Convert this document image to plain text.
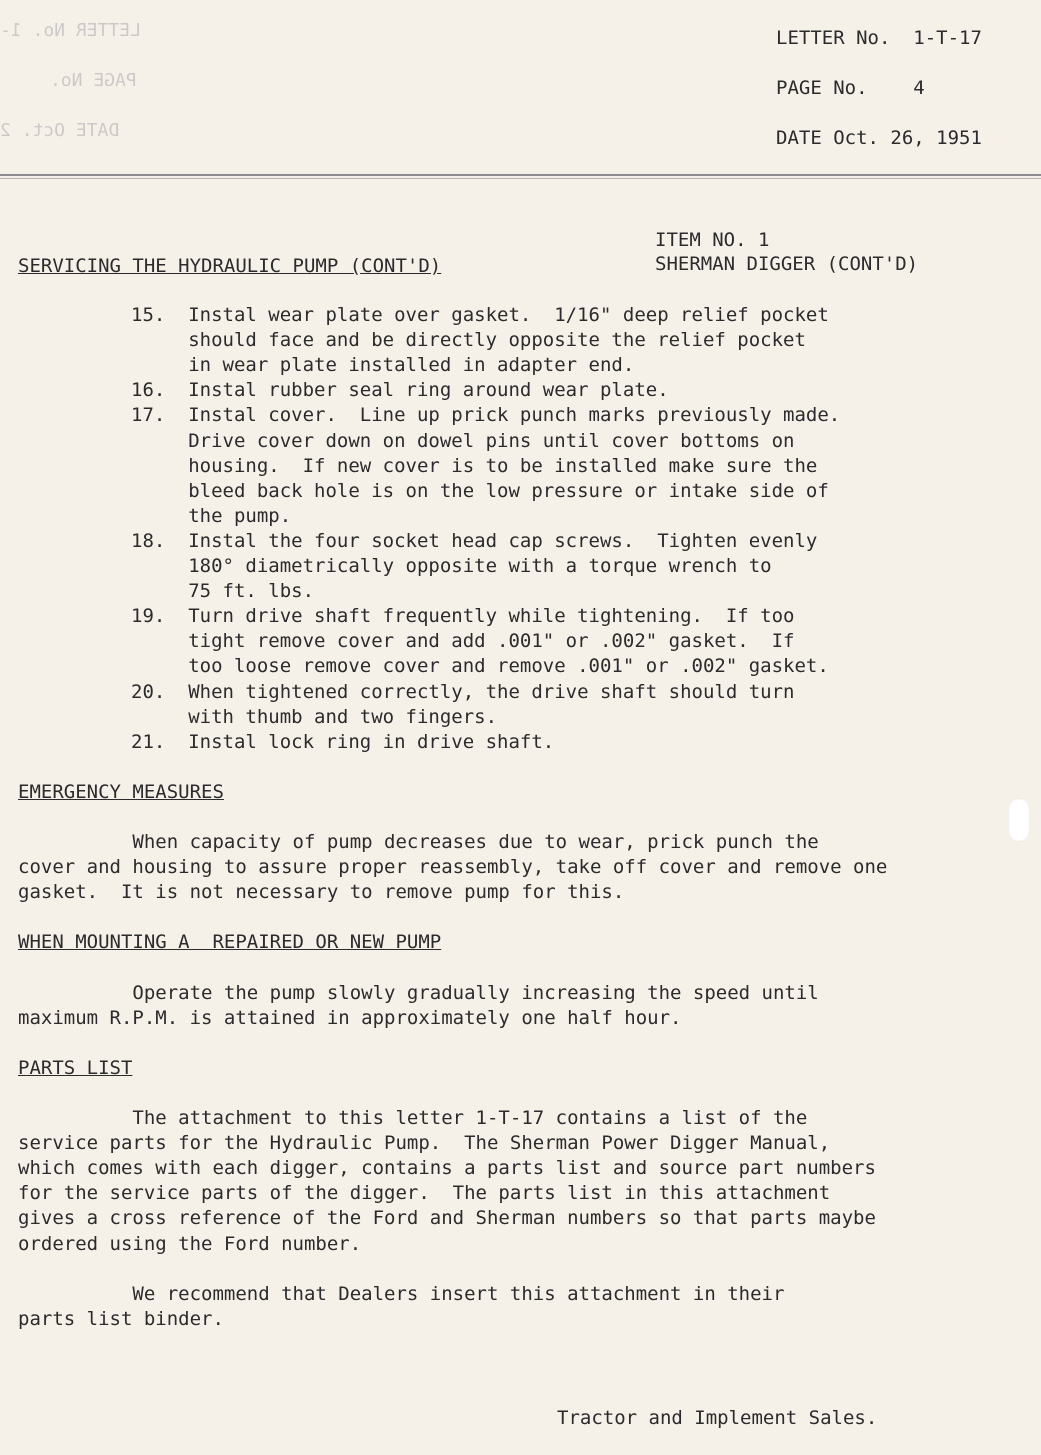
LETTER No. 1-
PAGE No.
DATE Oct. 2
LETTER No.  1-T-17
PAGE No.    4
DATE Oct. 26, 1951
ITEM NO. 1
SHERMAN DIGGER (CONT'D)
SERVICING THE HYDRAULIC PUMP (CONT'D)
15.  Instal wear plate over gasket.  1/16" deep relief pocket
should face and be directly opposite the relief pocket
in wear plate installed in adapter end.
16.  Instal rubber seal ring around wear plate.
17.  Instal cover.  Line up prick punch marks previously made.
Drive cover down on dowel pins until cover bottoms on
housing.  If new cover is to be installed make sure the
bleed back hole is on the low pressure or intake side of
the pump.
18.  Instal the four socket head cap screws.  Tighten evenly
180° diametrically opposite with a torque wrench to
75 ft. lbs.
19.  Turn drive shaft frequently while tightening.  If too
tight remove cover and add .001" or .002" gasket.  If
too loose remove cover and remove .001" or .002" gasket.
20.  When tightened correctly, the drive shaft should turn
with thumb and two fingers.
21.  Instal lock ring in drive shaft.
EMERGENCY MEASURES
When capacity of pump decreases due to wear, prick punch the
cover and housing to assure proper reassembly, take off cover and remove one
gasket.  It is not necessary to remove pump for this.
WHEN MOUNTING A  REPAIRED OR NEW PUMP
Operate the pump slowly gradually increasing the speed until
maximum R.P.M. is attained in approximately one half hour.
PARTS LIST
The attachment to this letter 1-T-17 contains a list of the
service parts for the Hydraulic Pump.  The Sherman Power Digger Manual,
which comes with each digger, contains a parts list and source part numbers
for the service parts of the digger.  The parts list in this attachment
gives a cross reference of the Ford and Sherman numbers so that parts maybe
ordered using the Ford number.
We recommend that Dealers insert this attachment in their
parts list binder.
Tractor and Implement Sales.
